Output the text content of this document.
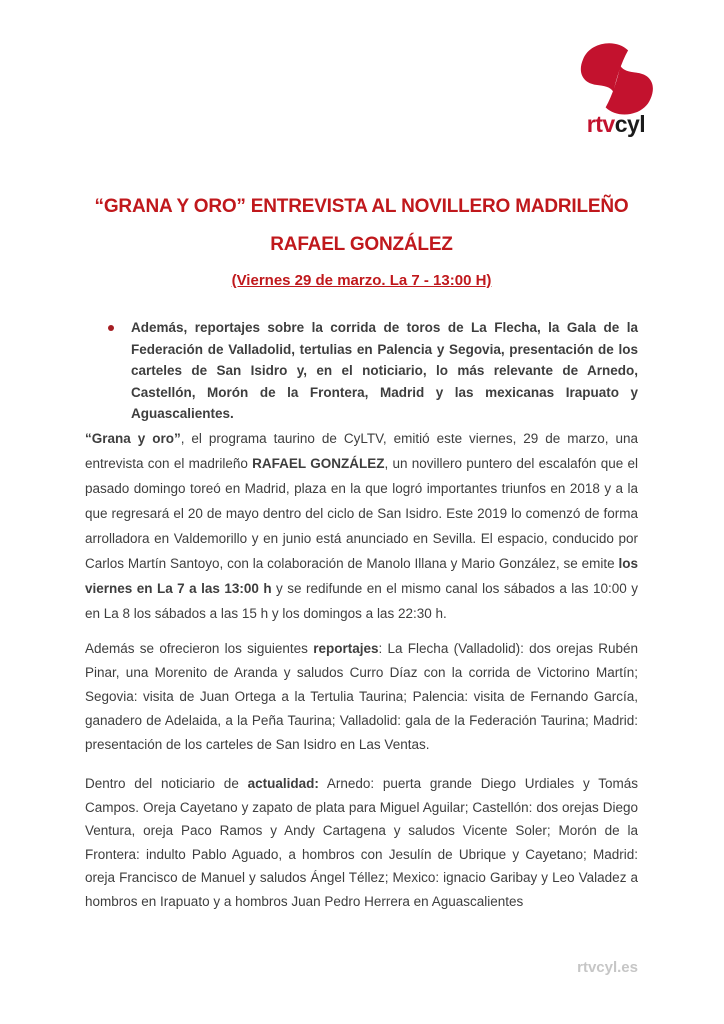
rtvcyl
“GRANA Y ORO” ENTREVISTA AL NOVILLERO MADRILEÑO
RAFAEL GONZÁLEZ
(Viernes 29 de marzo. La 7 - 13:00 H)

Además, reportajes sobre la corrida de toros de La Flecha, la Gala de la Federación de Valladolid, tertulias en Palencia y Segovia, presentación de los carteles de San Isidro y, en el noticiario, lo más relevante de Arnedo, Castellón, Morón de la Frontera, Madrid y las mexicanas Irapuato y Aguascalientes.

“Grana y oro”, el programa taurino de CyLTV, emitió este viernes, 29 de marzo, una entrevista con el madrileño RAFAEL GONZÁLEZ, un novillero puntero del escalafón que el pasado domingo toreó en Madrid, plaza en la que logró importantes triunfos en 2018 y a la que regresará el 20 de mayo dentro del ciclo de San Isidro. Este 2019 lo comenzó de forma arrolladora en Valdemorillo y en junio está anunciado en Sevilla. El espacio, conducido por Carlos Martín Santoyo, con la colaboración de Manolo Illana y Mario González, se emite los viernes en La 7 a las 13:00 h y se redifunde en el mismo canal los sábados a las 10:00 y en La 8 los sábados a las 15 h y los domingos a las 22:30 h.

Además se ofrecieron los siguientes reportajes: La Flecha (Valladolid): dos orejas Rubén Pinar, una Morenito de Aranda y saludos Curro Díaz con la corrida de Victorino Martín; Segovia: visita de Juan Ortega a la Tertulia Taurina; Palencia: visita de Fernando García, ganadero de Adelaida, a la Peña Taurina; Valladolid: gala de la Federación Taurina; Madrid: presentación de los carteles de San Isidro en Las Ventas.

Dentro del noticiario de actualidad: Arnedo: puerta grande Diego Urdiales y Tomás Campos. Oreja Cayetano y zapato de plata para Miguel Aguilar; Castellón: dos orejas Diego Ventura, oreja Paco Ramos y Andy Cartagena y saludos Vicente Soler; Morón de la Frontera: indulto Pablo Aguado, a hombros con Jesulín de Ubrique y Cayetano; Madrid: oreja Francisco de Manuel y saludos Ángel Téllez; Mexico: ignacio Garibay y Leo Valadez a hombros en Irapuato y a hombros Juan Pedro Herrera en Aguascalientes

rtvcyl.es
